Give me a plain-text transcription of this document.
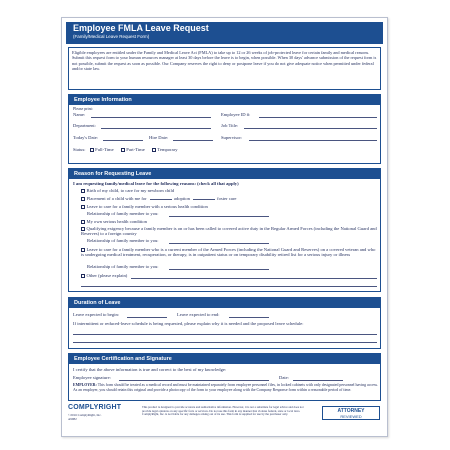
Employee FMLA Leave Request
(Family/Medical Leave Request Form)
Eligible employees are entitled under the Family and Medical Leave Act (FMLA) to take up to 12 or 26 weeks of job-protected leave for certain family and medical reasons. Submit this request form to your human resources manager at least 30 days before the leave is to begin, when possible. When 30 days' advance submission of the request form is not possible, submit the request as soon as possible. Our Company reserves the right to deny or postpone leave if you do not give adequate notice when permitted under federal and/or state law.
Employee Information
Please print:
Name:	Employee ID #:
Department:	Job Title:
Today's Date:	Hire Date:	Supervisor:
Status: Full-Time	Part-Time	Temporary
Reason for Requesting Leave
I am requesting family/medical leave for the following reasons: (check all that apply)
Birth of my child, to care for my newborn child
Placement of a child with me for	adoption	foster care
Leave to care for a family member with a serious health condition
Relationship of family member to you:
My own serious health condition
Qualifying exigency because a family member is on or has been called to covered active duty in the Regular Armed Forces (including the National Guard and Reserves) to a foreign country
Relationship of family member to you:
Leave to care for a family member who is a current member of the Armed Forces (including the National Guard and Reserves) on a covered veteran and who is undergoing medical treatment, recuperation, or therapy, is in outpatient status or on temporary disability retired list for a serious injury or illness
Relationship of family member to you:
Other (please explain)
Duration of Leave
Leave expected to begin:	Leave expected to end:
If intermittent or reduced-leave schedule is being requested, please explain why it is needed and the proposed leave schedule:
Employee Certification and Signature
I certify that the above information is true and correct to the best of my knowledge:
Employee signature:	Date:
EMPLOYER: This form should be treated as a medical record and must be maintained separately from employee personnel files, in locked cabinets with only designated personnel having access. As an employer, you should retain this original and provide a photocopy of the form to your employee along with the Company Response form within a reasonable period of time.
COMPLYRIGHT
©2016 ComplyRight, Inc.
A9982
This product is designed to provide accurate and authoritative information. However, it is not a substitute for legal advice and does not provide legal opinions on any specific facts or services. Do not use this form in any manner that violates federal, state or local laws. ComplyRight, Inc. is not liable for any damages arising out of its use. This form is supplied for use by the purchaser only.
ATTORNEY
REVIEWED
